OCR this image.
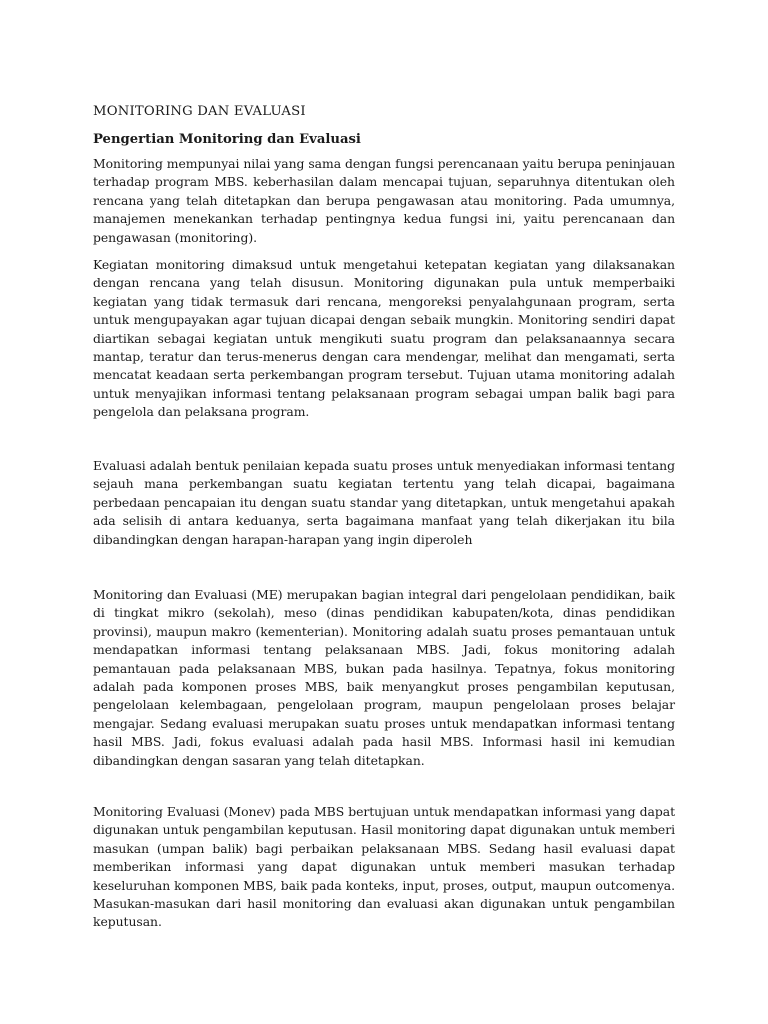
MONITORING DAN EVALUASI
Pengertian Monitoring dan Evaluasi

Monitoring mempunyai nilai yang sama dengan fungsi perencanaan yaitu berupa peninjauan terhadap program MBS. keberhasilan dalam mencapai tujuan, separuhnya ditentukan oleh rencana yang telah ditetapkan dan berupa pengawasan atau monitoring. Pada umumnya, manajemen menekankan terhadap pentingnya kedua fungsi ini, yaitu perencanaan dan pengawasan (monitoring).

Kegiatan monitoring dimaksud untuk mengetahui ketepatan kegiatan yang dilaksanakan dengan rencana yang telah disusun. Monitoring digunakan pula untuk memperbaiki kegiatan yang tidak termasuk dari rencana, mengoreksi penyalahgunaan program, serta untuk mengupayakan agar tujuan dicapai dengan sebaik mungkin. Monitoring sendiri dapat diartikan sebagai kegiatan untuk mengikuti suatu program dan pelaksanaannya secara mantap, teratur dan terus-menerus dengan cara mendengar, melihat dan mengamati, serta mencatat keadaan serta perkembangan program tersebut. Tujuan utama monitoring adalah untuk menyajikan informasi tentang pelaksanaan program sebagai umpan balik bagi para pengelola dan pelaksana program.

Evaluasi adalah bentuk penilaian kepada suatu proses untuk menyediakan informasi tentang sejauh mana perkembangan suatu kegiatan tertentu yang telah dicapai, bagaimana perbedaan pencapaian itu dengan suatu standar yang ditetapkan, untuk mengetahui apakah ada selisih di antara keduanya, serta bagaimana manfaat yang telah dikerjakan itu bila dibandingkan dengan harapan-harapan yang ingin diperoleh

Monitoring dan Evaluasi (ME) merupakan bagian integral dari pengelolaan pendidikan, baik di tingkat mikro (sekolah), meso (dinas pendidikan kabupaten/kota, dinas pendidikan provinsi), maupun makro (kementerian). Monitoring adalah suatu proses pemantauan untuk mendapatkan informasi tentang pelaksanaan MBS. Jadi, fokus monitoring adalah pemantauan pada pelaksanaan MBS, bukan pada hasilnya. Tepatnya, fokus monitoring adalah pada komponen proses MBS, baik menyangkut proses pengambilan keputusan, pengelolaan kelembagaan, pengelolaan program, maupun pengelolaan proses belajar mengajar. Sedang evaluasi merupakan suatu proses untuk mendapatkan informasi tentang hasil MBS. Jadi, fokus evaluasi adalah pada hasil MBS. Informasi hasil ini kemudian dibandingkan dengan sasaran yang telah ditetapkan.

Monitoring Evaluasi (Monev) pada MBS bertujuan untuk mendapatkan informasi yang dapat digunakan untuk pengambilan keputusan. Hasil monitoring dapat digunakan untuk memberi masukan (umpan balik) bagi perbaikan pelaksanaan MBS. Sedang hasil evaluasi dapat memberikan informasi yang dapat digunakan untuk memberi masukan terhadap keseluruhan komponen MBS, baik pada konteks, input, proses, output, maupun outcomenya. Masukan-masukan dari hasil monitoring dan evaluasi akan digunakan untuk pengambilan keputusan.
